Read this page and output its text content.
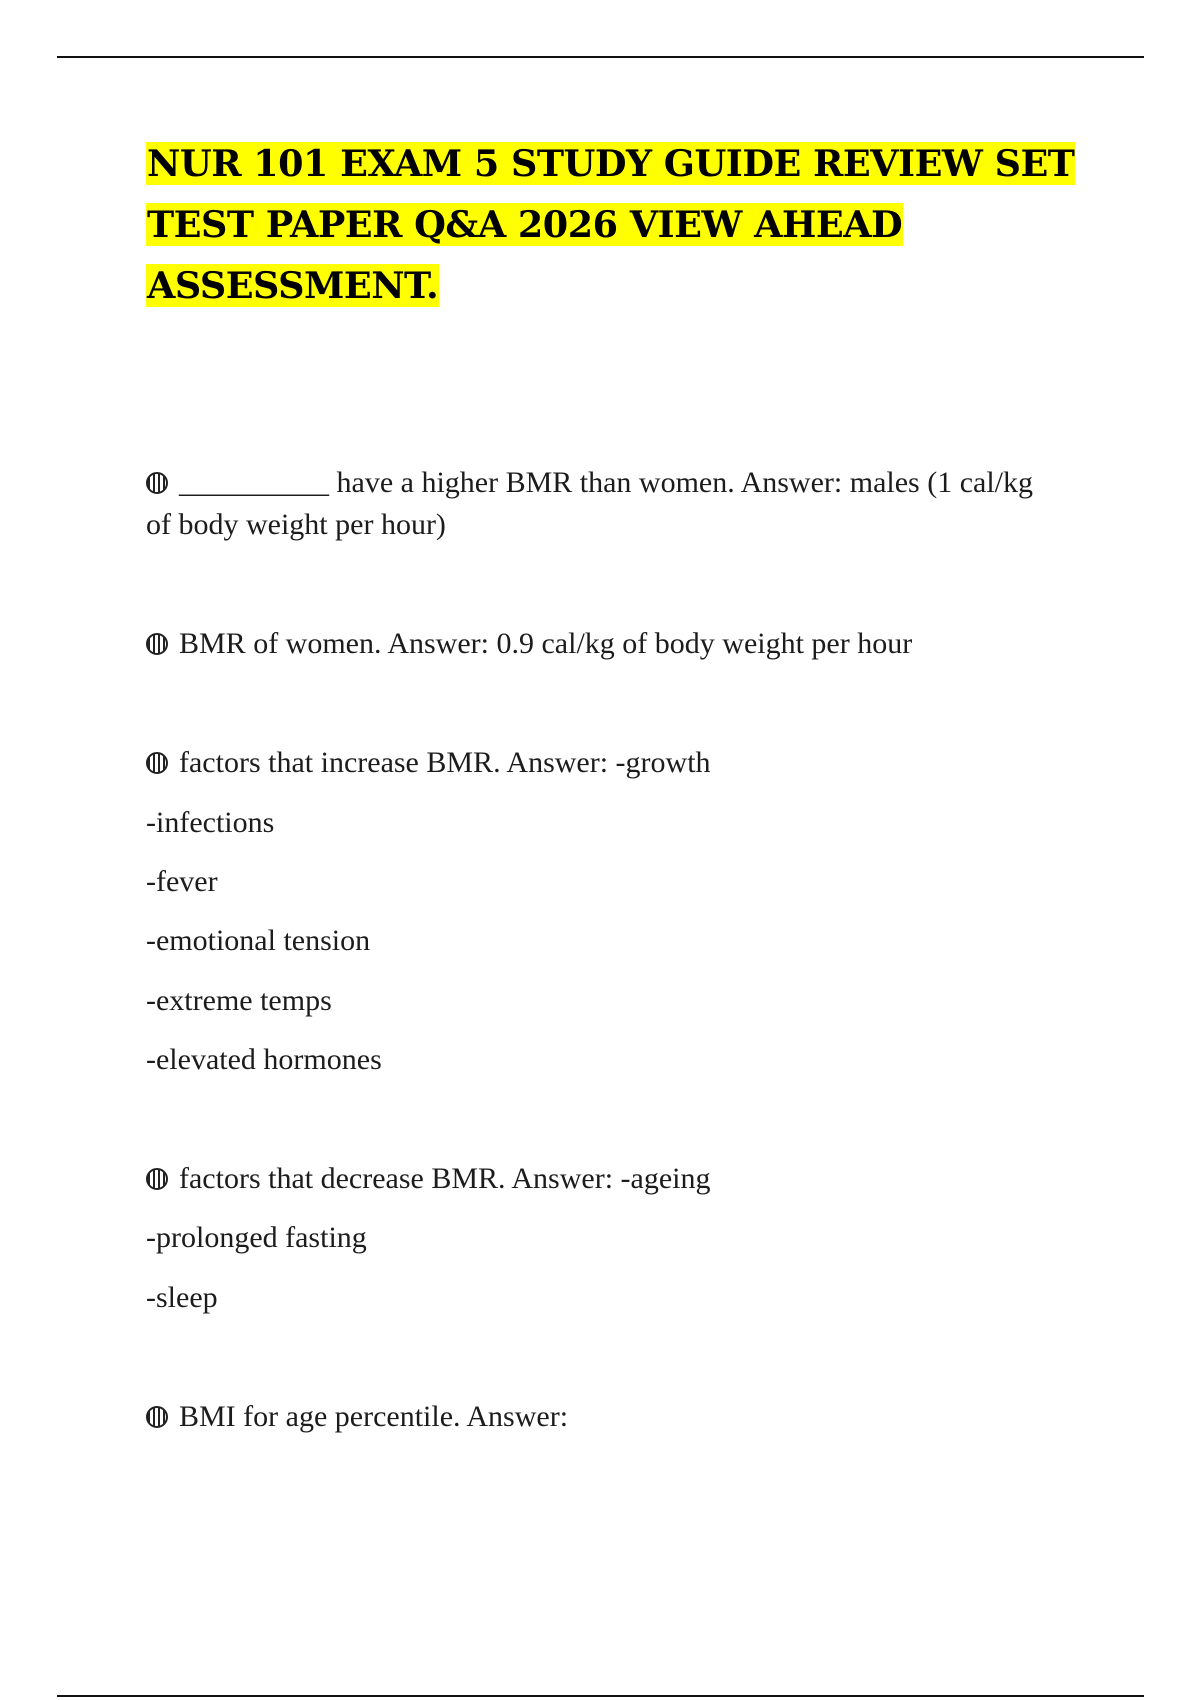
NUR 101 EXAM 5 STUDY GUIDE REVIEW SET
TEST PAPER Q&A 2026 VIEW AHEAD
ASSESSMENT.
__________ have a higher BMR than women. Answer: males (1 cal/kg of body weight per hour)
BMR of women. Answer: 0.9 cal/kg of body weight per hour
factors that increase BMR. Answer: -growth
-infections
-fever
-emotional tension
-extreme temps
-elevated hormones
factors that decrease BMR. Answer: -ageing
-prolonged fasting
-sleep
BMI for age percentile. Answer:
